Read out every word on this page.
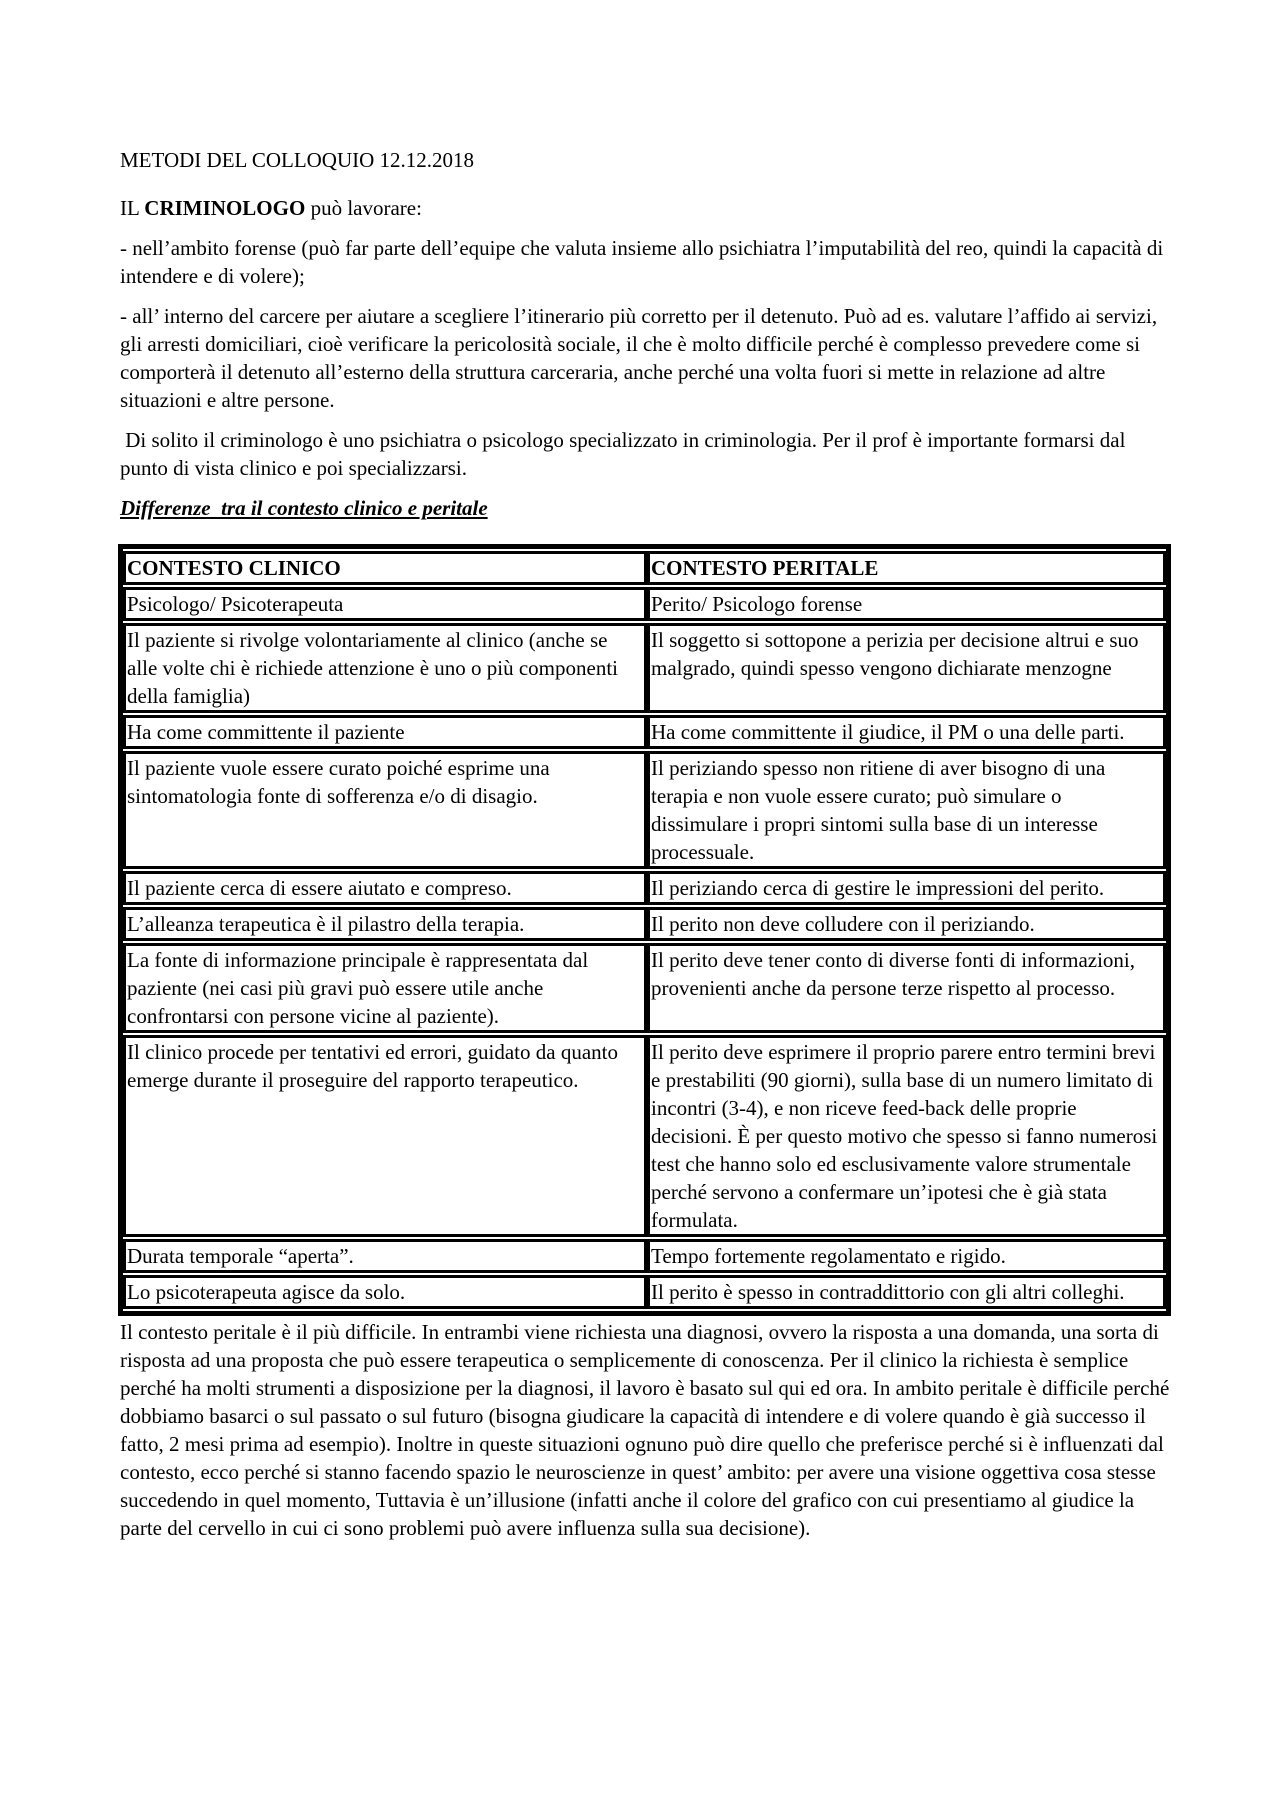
METODI DEL COLLOQUIO 12.12.2018

IL CRIMINOLOGO può lavorare:

- nell’ambito forense (può far parte dell’equipe che valuta insieme allo psichiatra l’imputabilità del reo, quindi la capacità di intendere e di volere);

- all’ interno del carcere per aiutare a scegliere l’itinerario più corretto per il detenuto. Può ad es. valutare l’affido ai servizi, gli arresti domiciliari, cioè verificare la pericolosità sociale, il che è molto difficile perché è complesso prevedere come si comporterà il detenuto all’esterno della struttura carceraria, anche perché una volta fuori si mette in relazione ad altre situazioni e altre persone.

Di solito il criminologo è uno psichiatra o psicologo specializzato in criminologia. Per il prof è importante formarsi dal punto di vista clinico e poi specializzarsi.

Differenze  tra il contesto clinico e peritale

CONTESTO CLINICO	CONTESTO PERITALE
Psicologo/ Psicoterapeuta	Perito/ Psicologo forense
Il paziente si rivolge volontariamente al clinico (anche se alle volte chi è richiede attenzione è uno o più componenti della famiglia)	Il soggetto si sottopone a perizia per decisione altrui e suo malgrado, quindi spesso vengono dichiarate menzogne
Ha come committente il paziente	Ha come committente il giudice, il PM o una delle parti.
Il paziente vuole essere curato poiché esprime una sintomatologia fonte di sofferenza e/o di disagio.	Il periziando spesso non ritiene di aver bisogno di una terapia e non vuole essere curato; può simulare o dissimulare i propri sintomi sulla base di un interesse processuale.
Il paziente cerca di essere aiutato e compreso.	Il periziando cerca di gestire le impressioni del perito.
L’alleanza terapeutica è il pilastro della terapia.	Il perito non deve colludere con il periziando.
La fonte di informazione principale è rappresentata dal paziente (nei casi più gravi può essere utile anche confrontarsi con persone vicine al paziente).	Il perito deve tener conto di diverse fonti di informazioni, provenienti anche da persone terze rispetto al processo.
Il clinico procede per tentativi ed errori, guidato da quanto emerge durante il proseguire del rapporto terapeutico.	Il perito deve esprimere il proprio parere entro termini brevi e prestabiliti (90 giorni), sulla base di un numero limitato di incontri (3-4), e non riceve feed-back delle proprie decisioni. È per questo motivo che spesso si fanno numerosi test che hanno solo ed esclusivamente valore strumentale perché servono a confermare un’ipotesi che è già stata formulata.
Durata temporale “aperta”.	Tempo fortemente regolamentato e rigido.
Lo psicoterapeuta agisce da solo.	Il perito è spesso in contraddittorio con gli altri colleghi.

Il contesto peritale è il più difficile. In entrambi viene richiesta una diagnosi, ovvero la risposta a una domanda, una sorta di risposta ad una proposta che può essere terapeutica o semplicemente di conoscenza. Per il clinico la richiesta è semplice perché ha molti strumenti a disposizione per la diagnosi, il lavoro è basato sul qui ed ora. In ambito peritale è difficile perché dobbiamo basarci o sul passato o sul futuro (bisogna giudicare la capacità di intendere e di volere quando è già successo il fatto, 2 mesi prima ad esempio). Inoltre in queste situazioni ognuno può dire quello che preferisce perché si è influenzati dal contesto, ecco perché si stanno facendo spazio le neuroscienze in quest’ ambito: per avere una visione oggettiva cosa stesse succedendo in quel momento, Tuttavia è un’illusione (infatti anche il colore del grafico con cui presentiamo al giudice la parte del cervello in cui ci sono problemi può avere influenza sulla sua decisione).
